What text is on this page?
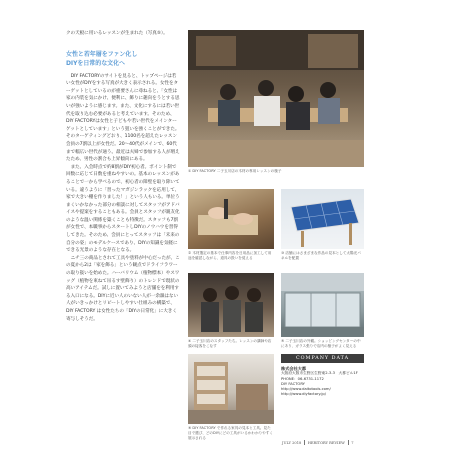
クの天板に用いるレッスンが生まれた（写真⑤）。

女性と若年層をファン化し
DIYを日常的な文化へ

DIY FACTORYのサイトを見ると、トップページは若い女性がDIYをする写真が大きく表示される。女性をターゲットとしているのが重要さんに尋ねると、「女性は家の内装を気にかけ、便利に、飾りに趣向をうとする思いが強いように感じます。また、文化にするには若い世代を取り込む必要があると考えています。そのため、DIY FACTORYは女性と子どもや若い世代をメインターゲットとしています」という狙いを強くことができた。そのターゲティングどおり、1100名を超えたレッスン会員の7割以上が女性だ。20〜40代がメインで、60代まで幅広い世代が通う。最近は夫婦で参加する人が増えたため、男性の割合も上昇傾向にある。

また、入会時点で約8割がDIY初心者。ポイント制で回数に応じて日数を重ねやすいの。基本のレッスンがあることで一から学べるので、初心者の障壁を取り除いている。違うように「習ったマガジンラックを応用して、家で大きい棚を作りました！」という人もいる。単位うまくいかなかった部分の相談に対してスタッフがアドバイスや提案をすることもある。会員とスタッフが親友化のような温い関係を築くことも特徴だ。スタッフも7割が女性で、本職事からスタートしDIYのノウハウを習得してきた。そのため、会員にとってスタッフは「未来の自分の姿」のモデルケースであり、DIYの知識を気軽にできる光景のような存在となる。

ニチ三の商品とされて工具や塗料が中心だったが、この夏から2は「家を飾る」という観点でドライフラワーの取り扱いを始めた。ハーバリウム（植物標本）やスワッグ（植物を束ねて吊るす壁飾り）のトレンドで現状の高いアイテムだ。試しに置いてみようと店舗をを利用する入口になる。DIYに近い人のいない人が一余韻はない人がいきっかけとリピートしやすい仕組みの構築で、DIY FACTORY は女性たちの「DIYの日常化」に大きく寄与しそうだ。

① DIY FACTORY 二子玉川店の木材の専用レッスンの様子
② 木材選定の基本で仕事内容を日用品に加工して用途を確認しながら、道具の扱いを覚える
③ 店舗にはさまざまな作品の見本として太陽光パネルを配置
④ 二子玉川店のスタッフたち。レッスンの講師や店頭の接客をこなす
⑤ 二子玉川店の外観。ショッピングセンターの中にあり、ガラス張りで店内の様子がよく見える
⑥ DIY FACTORY で作れる家具の見本と工具。見た目で選び、どのDIYにどの工具がいるかわかりやすく展示される
COMPANY DATA
株式会社大都
大阪府大阪市生野区生野東2-3-3　大都ビル1F
PHONE：06-6731-1172
DIY FACTORY
http://www.daitotools.com/
http://www.diyfactory.jp/
JULY 2018 HERITORY REVIEW 7
